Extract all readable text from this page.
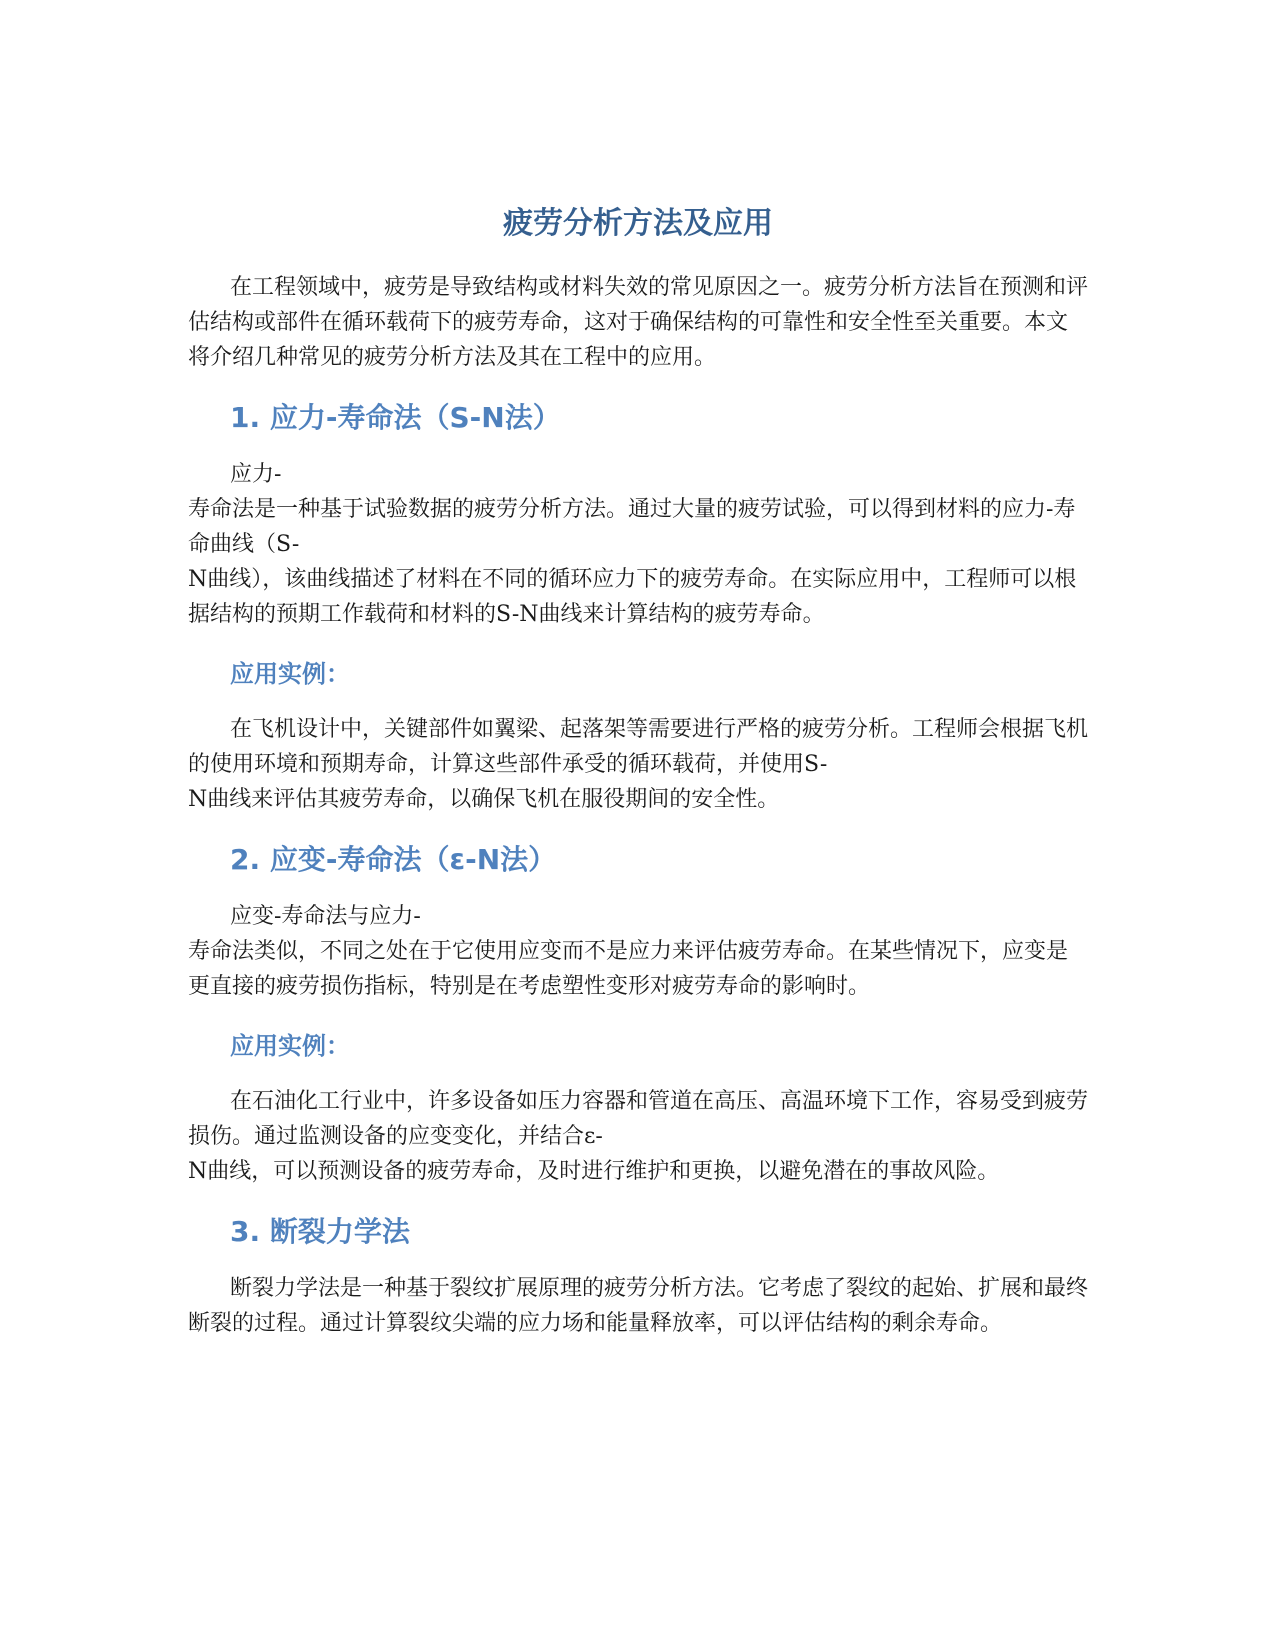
疲劳分析方法及应用

在工程领域中，疲劳是导致结构或材料失效的常见原因之一。疲劳分析方法旨在预测和评估结构或部件在循环载荷下的疲劳寿命，这对于确保结构的可靠性和安全性至关重要。本文将介绍几种常见的疲劳分析方法及其在工程中的应用。

1. 应力-寿命法（S-N法）

应力-

寿命法是一种基于试验数据的疲劳分析方法。通过大量的疲劳试验，可以得到材料的应力-寿命曲线（S-

N曲线），该曲线描述了材料在不同的循环应力下的疲劳寿命。在实际应用中，工程师可以根据结构的预期工作载荷和材料的S-N曲线来计算结构的疲劳寿命。

应用实例：

在飞机设计中，关键部件如翼梁、起落架等需要进行严格的疲劳分析。工程师会根据飞机的使用环境和预期寿命，计算这些部件承受的循环载荷，并使用S-

N曲线来评估其疲劳寿命，以确保飞机在服役期间的安全性。

2. 应变-寿命法（ε-N法）

应变-寿命法与应力-

寿命法类似，不同之处在于它使用应变而不是应力来评估疲劳寿命。在某些情况下，应变是更直接的疲劳损伤指标，特别是在考虑塑性变形对疲劳寿命的影响时。

应用实例：

在石油化工行业中，许多设备如压力容器和管道在高压、高温环境下工作，容易受到疲劳损伤。通过监测设备的应变变化，并结合ε-

N曲线，可以预测设备的疲劳寿命，及时进行维护和更换，以避免潜在的事故风险。

3. 断裂力学法

断裂力学法是一种基于裂纹扩展原理的疲劳分析方法。它考虑了裂纹的起始、扩展和最终断裂的过程。通过计算裂纹尖端的应力场和能量释放率，可以评估结构的剩余寿命。
